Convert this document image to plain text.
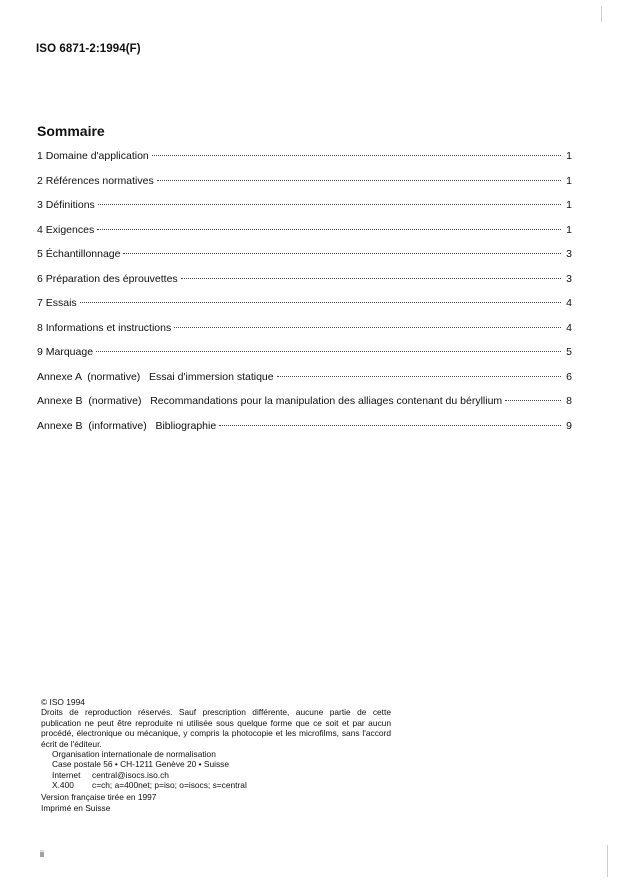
ISO 6871-2:1994(F)
Sommaire
1 Domaine d'application	1
2 Références normatives	1
3 Définitions	1
4 Exigences	1
5 Échantillonnage	3
6 Préparation des éprouvettes	3
7 Essais	4
8 Informations et instructions	4
9 Marquage	5
Annexe A  (normative)   Essai d'immersion statique	6
Annexe B  (normative)   Recommandations pour la manipulation des alliages contenant du béryllium	8
Annexe B  (informative)   Bibliographie	9
© ISO 1994
Droits de reproduction réservés. Sauf prescription différente, aucune partie de cette publication ne peut être reproduite ni utilisée sous quelque forme que ce soit et par aucun procédé, électronique ou mécanique, y compris la photocopie et les microfilms, sans l'accord écrit de l'éditeur.
Organisation internationale de normalisation
Case postale 56 • CH-1211 Genève 20 • Suisse
Internet	central@isocs.iso.ch
X.400	c=ch; a=400net; p=iso; o=isocs; s=central
Version française tirée en 1997
Imprimé en Suisse
ii
